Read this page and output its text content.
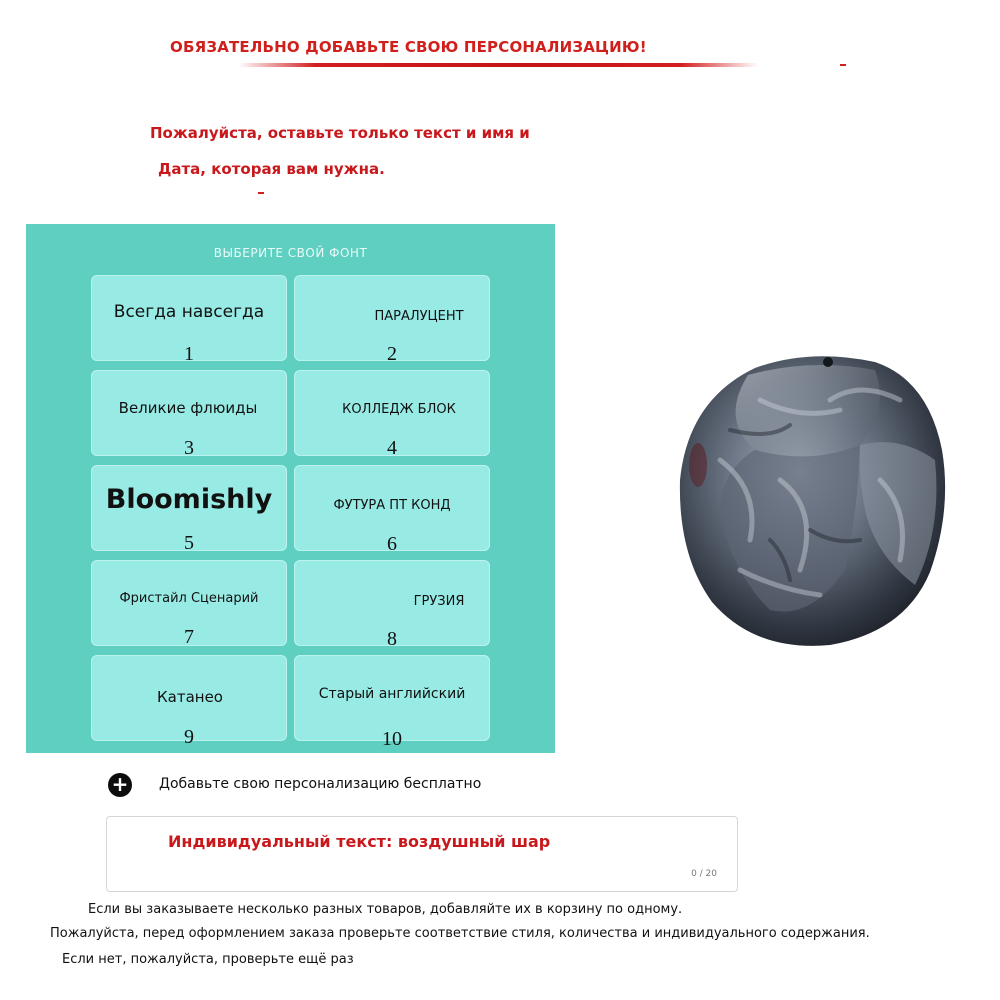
ОБЯЗАТЕЛЬНО ДОБАВЬТЕ СВОЮ ПЕРСОНАЛИЗАЦИЮ!
Пожалуйста, оставьте только текст и имя и
Дата, которая вам нужна.
ВЫБЕРИТЕ СВОЙ ФОНТ
Всегда навсегда
1
ПАРАЛУЦЕНТ
2
Великие флюиды
3
КОЛЛЕДЖ БЛОК
4
Bloomishly
5
ФУТУРА ПТ КОНД
6
Фристайл Сценарий
7
ГРУЗИЯ
8
Катанео
9
Старый английский
10
+ Добавьте свою персонализацию бесплатно
Индивидуальный текст: воздушный шар
0 / 20
Если вы заказываете несколько разных товаров, добавляйте их в корзину по одному.
Пожалуйста, перед оформлением заказа проверьте соответствие стиля, количества и индивидуального содержания.
Если нет, пожалуйста, проверьте ещё раз
